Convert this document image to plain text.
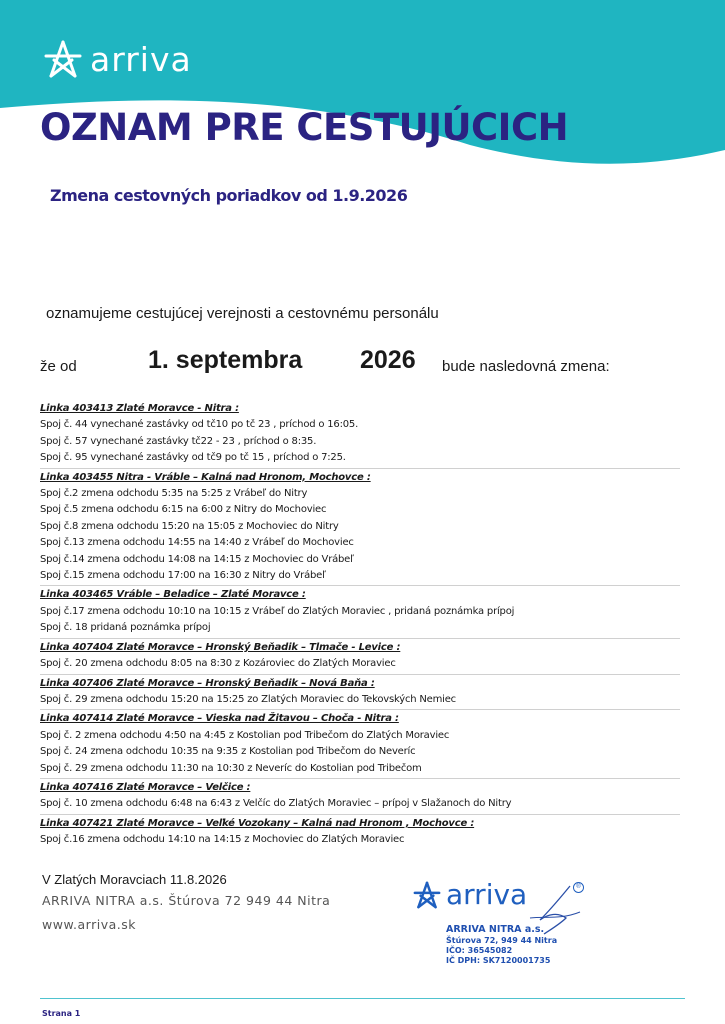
arriva
OZNAM PRE CESTUJÚCICH
Zmena cestovných poriadkov od 1.9.2026
oznamujeme cestujúcej verejnosti a cestovnému personálu
že od	1. septembra 2026 bude nasledovná zmena:
Linka 403413 Zlaté Moravce - Nitra :
Spoj č. 44 vynechané zastávky od tč10 po tč 23 , príchod o 16:05.
Spoj č. 57 vynechané zastávky tč22 - 23 , príchod o 8:35.
Spoj č. 95 vynechané zastávky od tč9 po tč 15 , príchod o 7:25.
Linka 403455 Nitra - Vráble – Kalná nad Hronom, Mochovce :
Spoj č.2 zmena odchodu 5:35 na 5:25 z Vrábeľ do Nitry
Spoj č.5 zmena odchodu 6:15 na 6:00 z Nitry do Mochoviec
Spoj č.8 zmena odchodu 15:20 na 15:05 z Mochoviec do Nitry
Spoj č.13 zmena odchodu 14:55 na 14:40 z Vrábeľ do Mochoviec
Spoj č.14 zmena odchodu 14:08 na 14:15 z Mochoviec do Vrábeľ
Spoj č.15 zmena odchodu 17:00 na 16:30 z Nitry do Vrábeľ
Linka 403465 Vráble – Beladice – Zlaté Moravce :
Spoj č.17 zmena odchodu 10:10 na 10:15 z Vrábeľ do Zlatých Moraviec , pridaná poznámka prípoj
Spoj č. 18 pridaná poznámka prípoj
Linka 407404 Zlaté Moravce – Hronský Beňadik – Tlmače - Levice :
Spoj č. 20 zmena odchodu 8:05 na 8:30 z Kozároviec do Zlatých Moraviec
Linka 407406 Zlaté Moravce – Hronský Beňadik – Nová Baňa :
Spoj č. 29 zmena odchodu 15:20 na 15:25 zo Zlatých Moraviec do Tekovských Nemiec
Linka 407414 Zlaté Moravce – Vieska nad Žitavou – Choča - Nitra :
Spoj č. 2 zmena odchodu 4:50 na 4:45 z Kostolian pod Tribečom do Zlatých Moraviec
Spoj č. 24 zmena odchodu 10:35 na 9:35 z Kostolian pod Tribečom do Neveríc
Spoj č. 29 zmena odchodu 11:30 na 10:30 z Neveríc do Kostolian pod Tribečom
Linka 407416 Zlaté Moravce – Velčice :
Spoj č. 10 zmena odchodu 6:48 na 6:43 z Velčíc do Zlatých Moraviec – prípoj v Slažanoch do Nitry
Linka 407421 Zlaté Moravce – Veľké Vozokany – Kalná nad Hronom , Mochovce :
Spoj č.16 zmena odchodu 14:10 na 14:15 z Mochoviec do Zlatých Moraviec
V Zlatých Moravciach 11.8.2026
ARRIVA NITRA a.s. Štúrova 72 949 44 Nitra
www.arriva.sk
arriva	®
ARRIVA NITRA a.s.
Štúrova 72, 949 44 Nitra
IČO: 36545082
IČ DPH: SK7120001735
Strana 1
